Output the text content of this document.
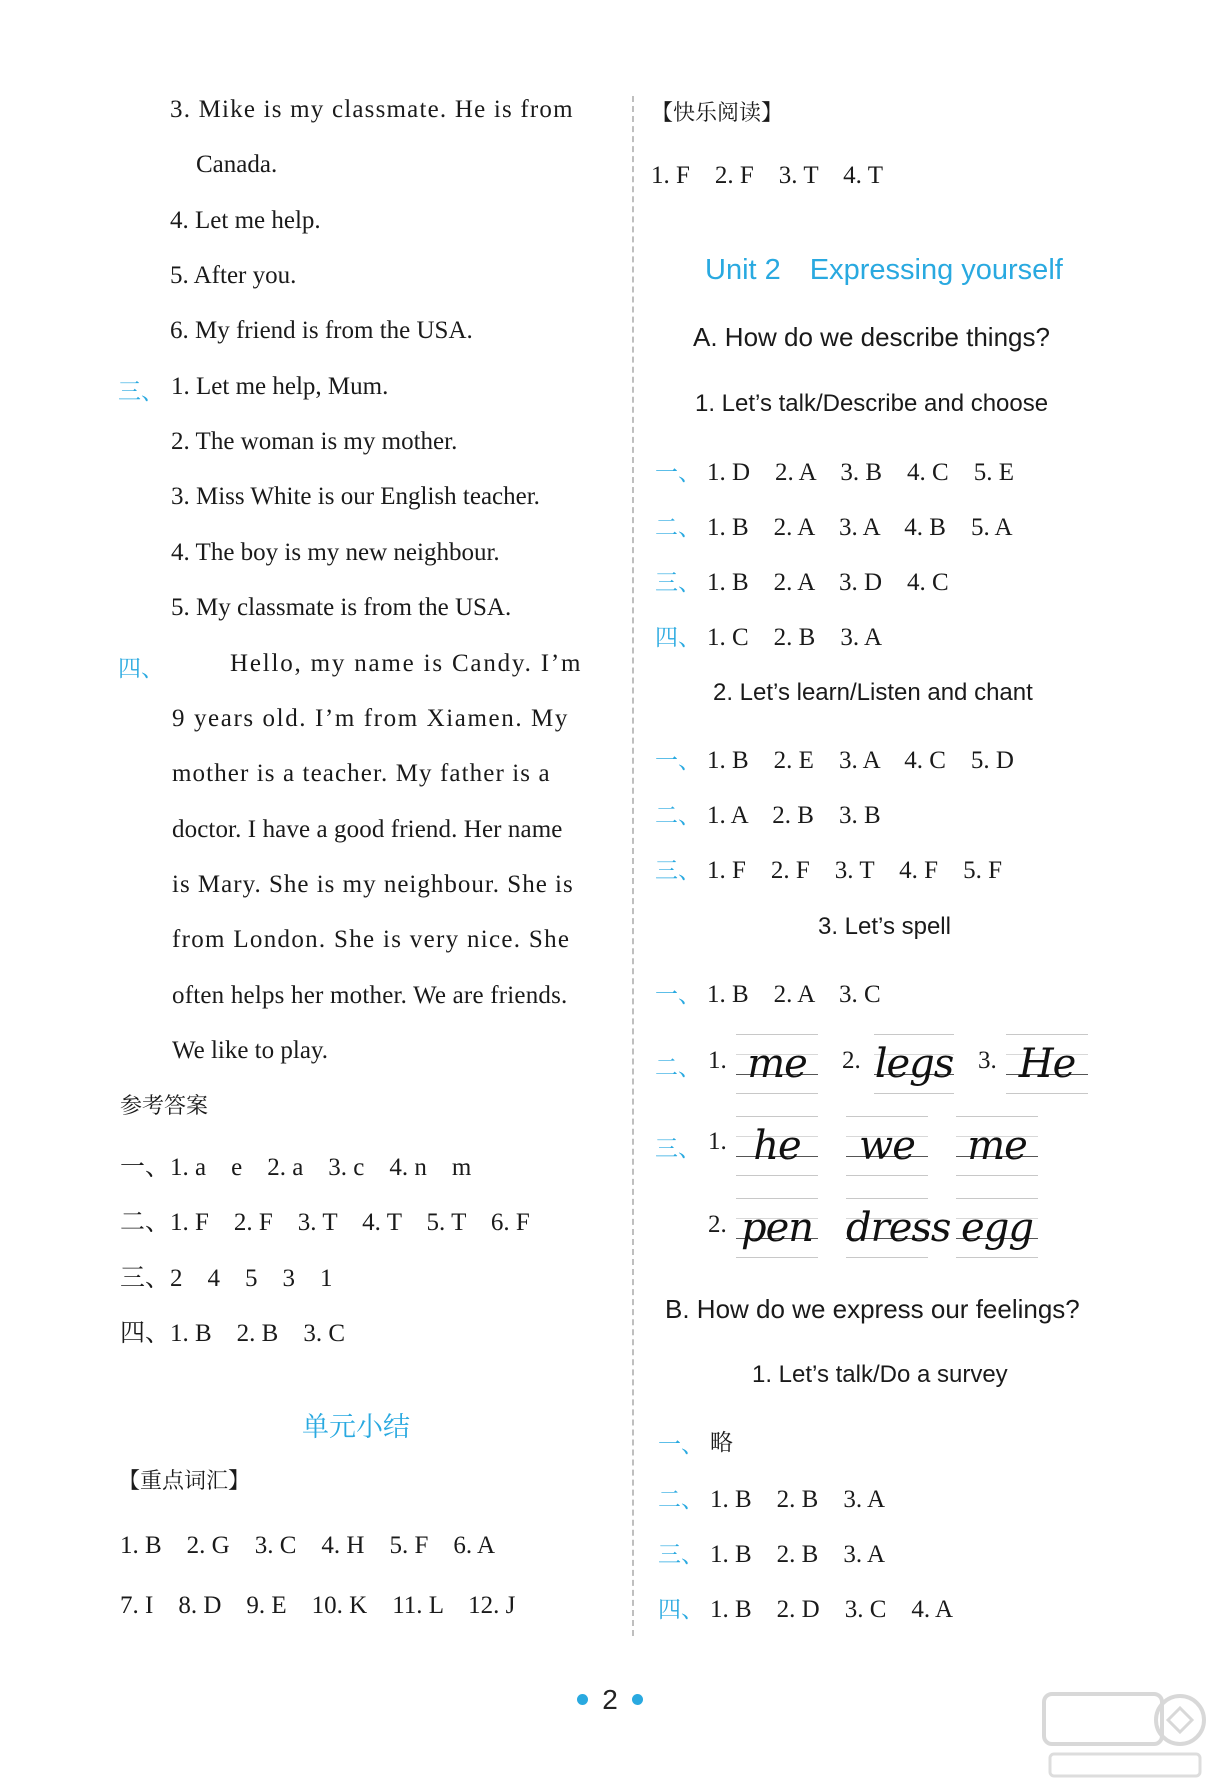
3. Mike is my classmate. He is from
Canada.
4. Let me help.
5. After you.
6. My friend is from the USA.
三、 1. Let me help, Mum.
2. The woman is my mother.
3. Miss White is our English teacher.
4. The boy is my new neighbour.
5. My classmate is from the USA.
四、	Hello, my name is Candy. I’m
9 years old. I’m from Xiamen. My
mother is a teacher. My father is a
doctor. I have a good friend. Her name
is Mary. She is my neighbour. She is
from London. She is very nice. She
often helps her mother. We are friends.
We like to play.
参考答案
一、1. a　e　2. a　3. c　4. n　m
二、1. F　2. F　3. T　4. T　5. T　6. F
三、2　4　5　3　1
四、1. B　2. B　3. C
单元小结
【重点词汇】
1. B　2. G　3. C　4. H　5. F　6. A
7. I　8. D　9. E　10. K　11. L　12. J
【快乐阅读】
1. F　2. F　3. T　4. T
Unit 2　Expressing yourself
A. How do we describe things?
1. Let’s talk/Describe and choose
一、 1. D　2. A　3. B　4. C　5. E
二、 1. B　2. A　3. A　4. B　5. A
三、 1. B　2. A　3. D　4. C
四、 1. C　2. B　3. A
2. Let’s learn/Listen and chant
一、 1. B　2. E　3. A　4. C　5. D
二、 1. A　2. B　3. B
三、 1. F　2. F　3. T　4. F　5. F
3. Let’s spell
一、 1. B　2. A　3. C
二、 1. me	2. legs 3. He
三、 1. he	we	me
2. pen dress egg
B. How do we express our feelings?
1. Let’s talk/Do a survey
一、 略
二、 1. B　2. B　3. A
三、 1. B　2. B　3. A
四、 1. B　2. D　3. C　4. A
2
